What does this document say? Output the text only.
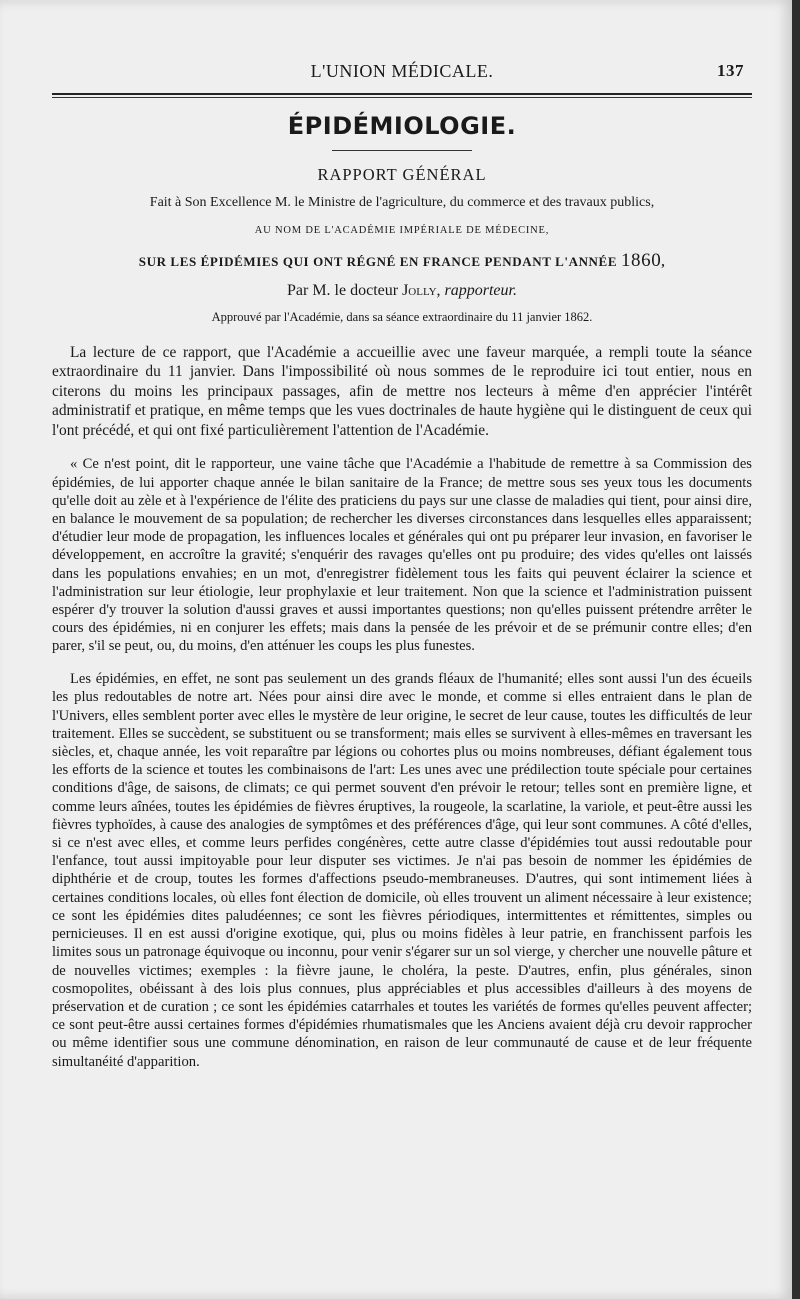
L'UNION MÉDICALE.	137
ÉPIDÉMIOLOGIE.
RAPPORT GÉNÉRAL
Fait à Son Excellence M. le Ministre de l'agriculture, du commerce et des travaux publics,
AU NOM DE L'ACADÉMIE IMPÉRIALE DE MÉDECINE,
SUR LES ÉPIDÉMIES QUI ONT RÉGNÉ EN FRANCE PENDANT L'ANNÉE 1860,
Par M. le docteur Jolly, rapporteur.
Approuvé par l'Académie, dans sa séance extraordinaire du 11 janvier 1862.

La lecture de ce rapport, que l'Académie a accueillie avec une faveur marquée, a rempli toute la séance extraordinaire du 11 janvier. Dans l'impossibilité où nous sommes de le reproduire ici tout entier, nous en citerons du moins les principaux passages, afin de mettre nos lecteurs à même d'en apprécier l'intérêt administratif et pratique, en même temps que les vues doctrinales de haute hygiène qui le distinguent de ceux qui l'ont précédé, et qui ont fixé particulièrement l'attention de l'Académie.

« Ce n'est point, dit le rapporteur, une vaine tâche que l'Académie a l'habitude de remettre à sa Commission des épidémies, de lui apporter chaque année le bilan sanitaire de la France; de mettre sous ses yeux tous les documents qu'elle doit au zèle et à l'expérience de l'élite des praticiens du pays sur une classe de maladies qui tient, pour ainsi dire, en balance le mouvement de sa population; de rechercher les diverses circonstances dans lesquelles elles apparaissent; d'étudier leur mode de propagation, les influences locales et générales qui ont pu préparer leur invasion, en favoriser le développement, en accroître la gravité; s'enquérir des ravages qu'elles ont pu produire; des vides qu'elles ont laissés dans les populations envahies; en un mot, d'enregistrer fidèlement tous les faits qui peuvent éclairer la science et l'administration sur leur étiologie, leur prophylaxie et leur traitement. Non que la science et l'administration puissent espérer d'y trouver la solution d'aussi graves et aussi importantes questions; non qu'elles puissent prétendre arrêter le cours des épidémies, ni en conjurer les effets; mais dans la pensée de les prévoir et de se prémunir contre elles; d'en parer, s'il se peut, ou, du moins, d'en atténuer les coups les plus funestes.

Les épidémies, en effet, ne sont pas seulement un des grands fléaux de l'humanité; elles sont aussi l'un des écueils les plus redoutables de notre art. Nées pour ainsi dire avec le monde, et comme si elles entraient dans le plan de l'Univers, elles semblent porter avec elles le mystère de leur origine, le secret de leur cause, toutes les difficultés de leur traitement. Elles se succèdent, se substituent ou se transforment; mais elles se survivent à elles-mêmes en traversant les siècles, et, chaque année, les voit reparaître par légions ou cohortes plus ou moins nombreuses, défiant également tous les efforts de la science et toutes les combinaisons de l'art: Les unes avec une prédilection toute spéciale pour certaines conditions d'âge, de saisons, de climats; ce qui permet souvent d'en prévoir le retour; telles sont en première ligne, et comme leurs aînées, toutes les épidémies de fièvres éruptives, la rougeole, la scarlatine, la variole, et peut-être aussi les fièvres typhoïdes, à cause des analogies de symptômes et des préférences d'âge, qui leur sont communes. A côté d'elles, si ce n'est avec elles, et comme leurs perfides congénères, cette autre classe d'épidémies tout aussi redoutable pour l'enfance, tout aussi impitoyable pour leur disputer ses victimes. Je n'ai pas besoin de nommer les épidémies de diphthérie et de croup, toutes les formes d'affections pseudo-membraneuses. D'autres, qui sont intimement liées à certaines conditions locales, où elles font élection de domicile, où elles trouvent un aliment nécessaire à leur existence; ce sont les épidémies dites paludéennes; ce sont les fièvres périodiques, intermittentes et rémittentes, simples ou pernicieuses. Il en est aussi d'origine exotique, qui, plus ou moins fidèles à leur patrie, en franchissent parfois les limites sous un patronage équivoque ou inconnu, pour venir s'égarer sur un sol vierge, y chercher une nouvelle pâture et de nouvelles victimes; exemples : la fièvre jaune, le choléra, la peste. D'autres, enfin, plus générales, sinon cosmopolites, obéissant à des lois plus connues, plus appréciables et plus accessibles d'ailleurs à des moyens de préservation et de curation ; ce sont les épidémies catarrhales et toutes les variétés de formes qu'elles peuvent affecter; ce sont peut-être aussi certaines formes d'épidémies rhumatismales que les Anciens avaient déjà cru devoir rapprocher ou même identifier sous une commune dénomination, en raison de leur communauté de cause et de leur fréquente simultanéité d'apparition.
